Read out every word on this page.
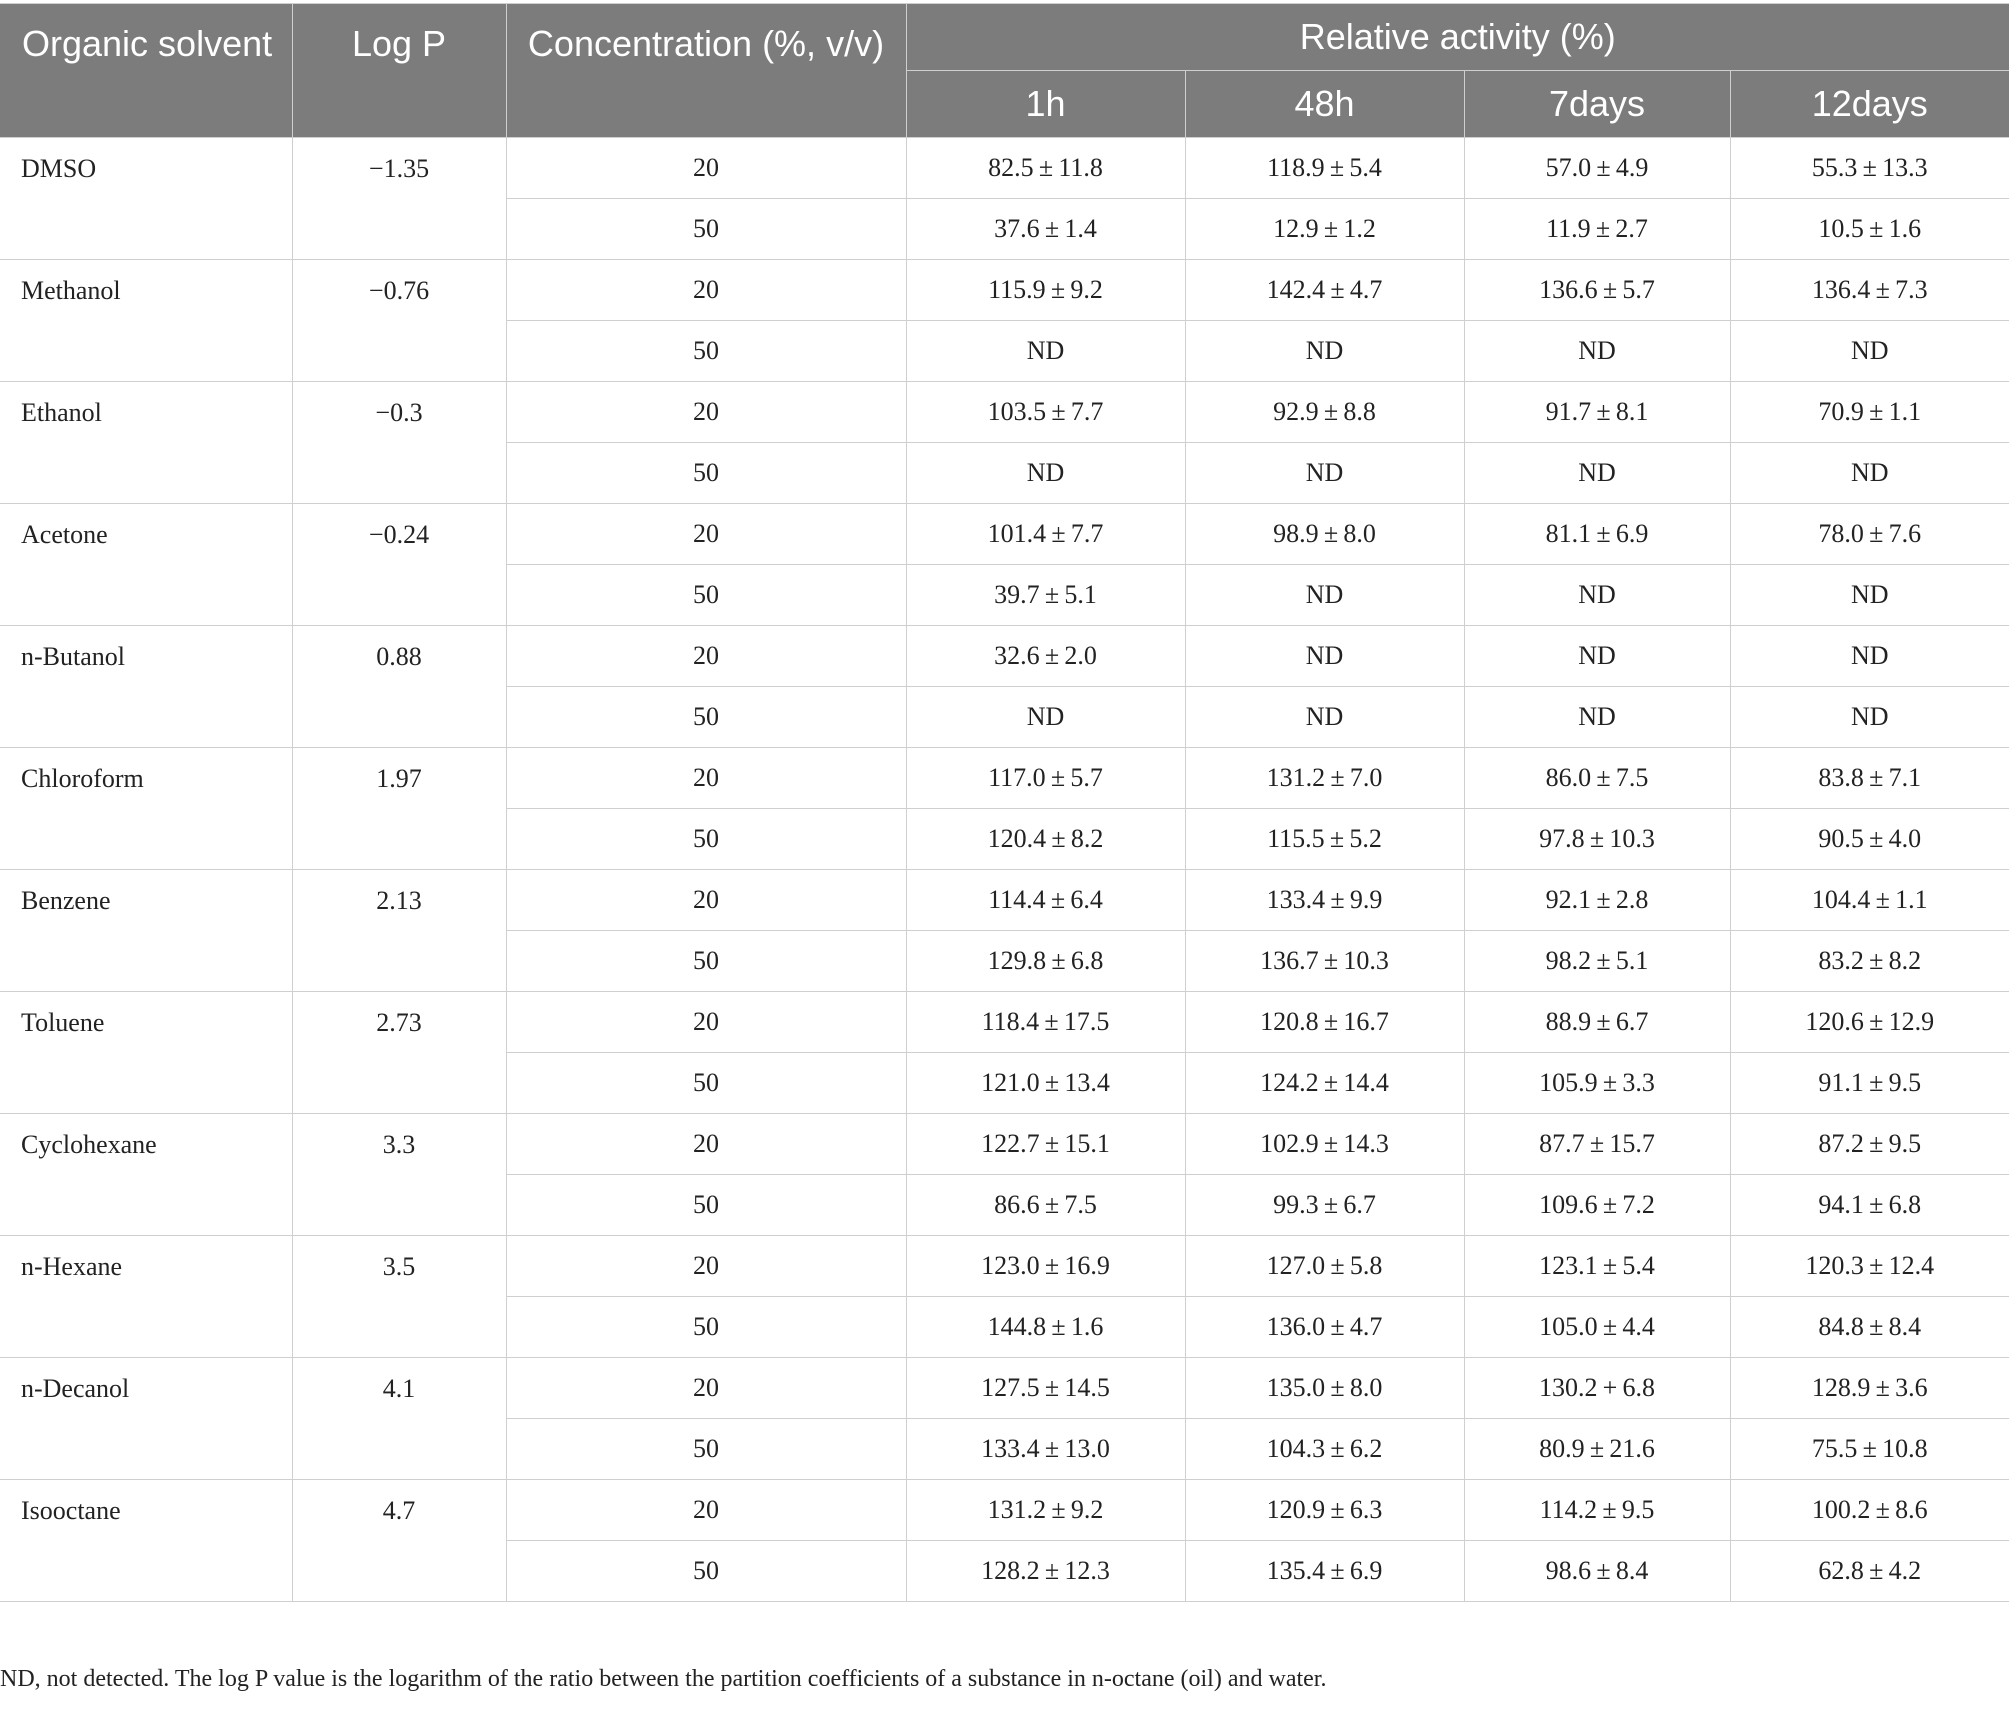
Organic solvent	Log P	Concentration (%, v/v)	Relative activity (%)			
			1h	48h	7days	12days
DMSO	−1.35	20	82.5 ± 11.8	118.9 ± 5.4	57.0 ± 4.9	55.3 ± 13.3
		50	37.6 ± 1.4	12.9 ± 1.2	11.9 ± 2.7	10.5 ± 1.6
Methanol	−0.76	20	115.9 ± 9.2	142.4 ± 4.7	136.6 ± 5.7	136.4 ± 7.3
		50	ND	ND	ND	ND
Ethanol	−0.3	20	103.5 ± 7.7	92.9 ± 8.8	91.7 ± 8.1	70.9 ± 1.1
		50	ND	ND	ND	ND
Acetone	−0.24	20	101.4 ± 7.7	98.9 ± 8.0	81.1 ± 6.9	78.0 ± 7.6
		50	39.7 ± 5.1	ND	ND	ND
n-Butanol	0.88	20	32.6 ± 2.0	ND	ND	ND
		50	ND	ND	ND	ND
Chloroform	1.97	20	117.0 ± 5.7	131.2 ± 7.0	86.0 ± 7.5	83.8 ± 7.1
		50	120.4 ± 8.2	115.5 ± 5.2	97.8 ± 10.3	90.5 ± 4.0
Benzene	2.13	20	114.4 ± 6.4	133.4 ± 9.9	92.1 ± 2.8	104.4 ± 1.1
		50	129.8 ± 6.8	136.7 ± 10.3	98.2 ± 5.1	83.2 ± 8.2
Toluene	2.73	20	118.4 ± 17.5	120.8 ± 16.7	88.9 ± 6.7	120.6 ± 12.9
		50	121.0 ± 13.4	124.2 ± 14.4	105.9 ± 3.3	91.1 ± 9.5
Cyclohexane	3.3	20	122.7 ± 15.1	102.9 ± 14.3	87.7 ± 15.7	87.2 ± 9.5
		50	86.6 ± 7.5	99.3 ± 6.7	109.6 ± 7.2	94.1 ± 6.8
n-Hexane	3.5	20	123.0 ± 16.9	127.0 ± 5.8	123.1 ± 5.4	120.3 ± 12.4
		50	144.8 ± 1.6	136.0 ± 4.7	105.0 ± 4.4	84.8 ± 8.4
n-Decanol	4.1	20	127.5 ± 14.5	135.0 ± 8.0	130.2 + 6.8	128.9 ± 3.6
		50	133.4 ± 13.0	104.3 ± 6.2	80.9 ± 21.6	75.5 ± 10.8
Isooctane	4.7	20	131.2 ± 9.2	120.9 ± 6.3	114.2 ± 9.5	100.2 ± 8.6
		50	128.2 ± 12.3	135.4 ± 6.9	98.6 ± 8.4	62.8 ± 4.2
ND, not detected. The log P value is the logarithm of the ratio between the partition coefficients of a substance in n-octane (oil) and water.
